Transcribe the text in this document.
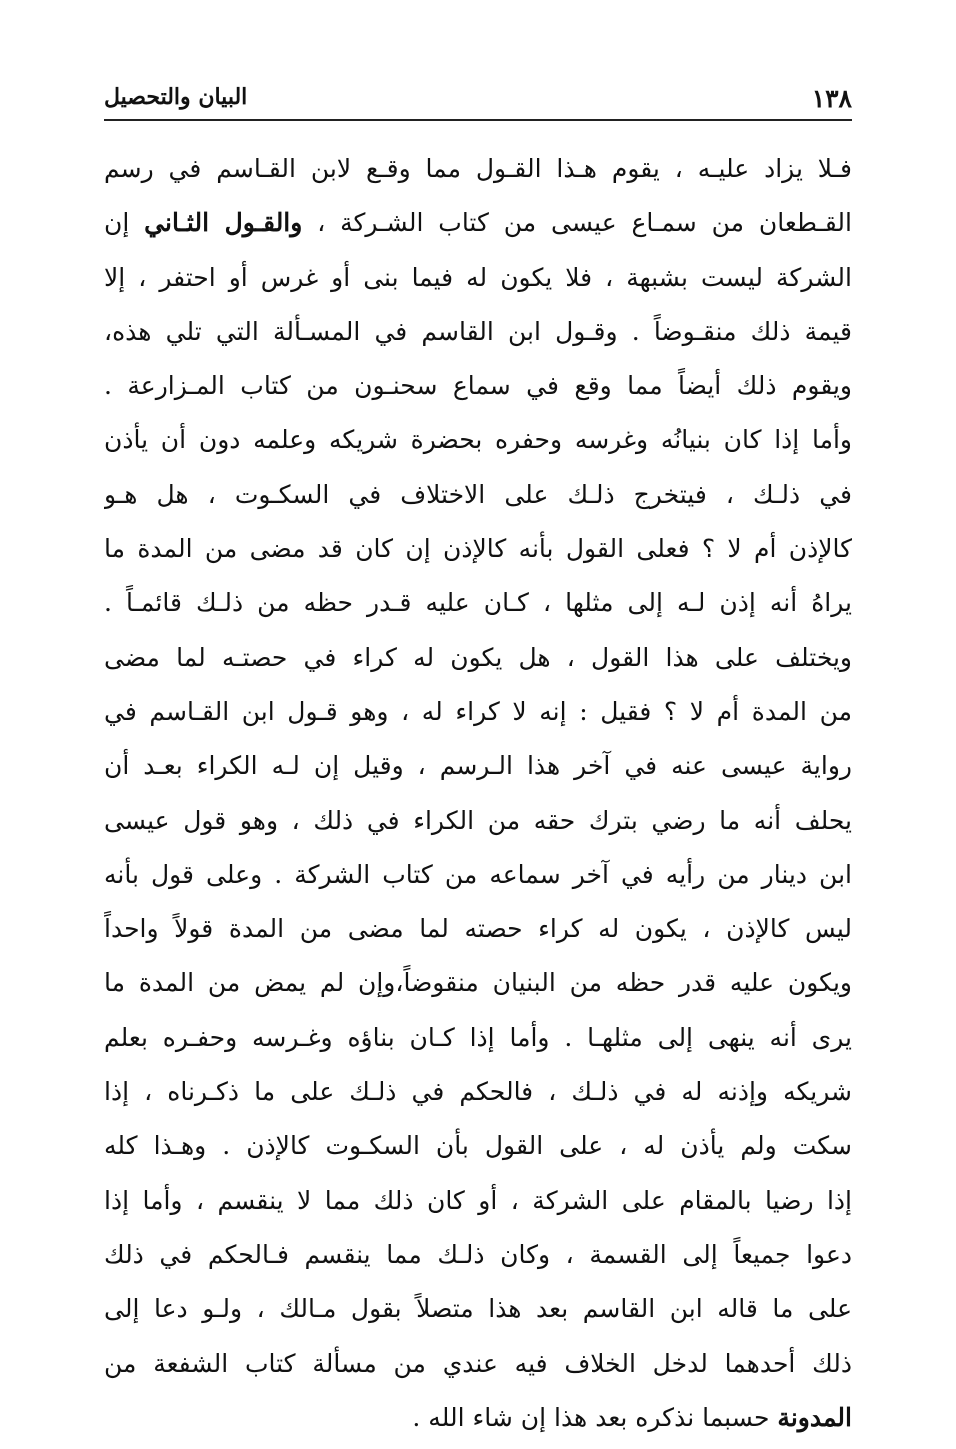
١٣٨
البيان والتحصيل
فـلا يزاد عليـه ، يقوم هـذا القـول مما وقـع لابن القـاسم في رسم
القـطعان من سمـاع عيسى من كتاب الشـركة ، والقـول الثـاني إن
الشركة ليست بشبهة ، فلا يكون له فيما بنى أو غرس أو احتفر ، إلا
قيمة ذلك منقـوضاً . وقـول ابن القاسم في المسـألة التي تلي هذه،
ويقوم ذلك أيضاً مما وقع في سماع سحنـون من كتاب المـزارعة .
وأما إذا كان بنيانُه وغرسه وحفره بحضرة شريكه وعلمه دون أن يأذن
في ذلـك ، فيتخرج ذلـك على الاختلاف في السكـوت ، هل هـو
كالإذن أم لا ؟ فعلى القول بأنه كالإذن إن كان قد مضى من المدة ما
يراهُ أنه إذن لـه إلى مثلها ، كـان عليه قـدر حظه من ذلـك قائمـاً .
ويختلف على هذا القول ، هل يكون له كراء في حصتـه لما مضى
من المدة أم لا ؟ فقيل : إنه لا كراء له ، وهو قـول ابن القـاسم في
رواية عيسى عنه في آخر هذا الـرسم ، وقيل إن لـه الكراء بعـد أن
يحلف أنه ما رضي بترك حقه من الكراء في ذلك ، وهو قول عيسى
ابن دينار من رأيه في آخر سماعه من كتاب الشركة . وعلى قول بأنه
ليس كالإذن ، يكون له كراء حصته لما مضى من المدة قولاً واحداً
ويكون عليه قدر حظه من البنيان منقوضاً،وإن لم يمض من المدة ما
يرى أنه ينهى إلى مثلهـا . وأما إذا كـان بناؤه وغـرسه وحفـره بعلم
شريكه وإذنه له في ذلـك ، فالحكم في ذلـك على ما ذكـرناه ، إذا
سكت ولم يأذن له ، على القول بأن السكـوت كالإذن . وهـذا كله
إذا رضيا بالمقام على الشركة ، أو كان ذلك مما لا ينقسم ، وأما إذا
دعوا جميعاً إلى القسمة ، وكان ذلـك مما ينقسم فـالحكم في ذلك
على ما قاله ابن القاسم بعد هذا متصلاً بقول مـالك ، ولـو دعا إلى
ذلك أحدهما لدخل الخلاف فيه عندي من مسألة كتاب الشفعة من
المدونة حسبما نذكره بعد هذا إن شاء الله .
